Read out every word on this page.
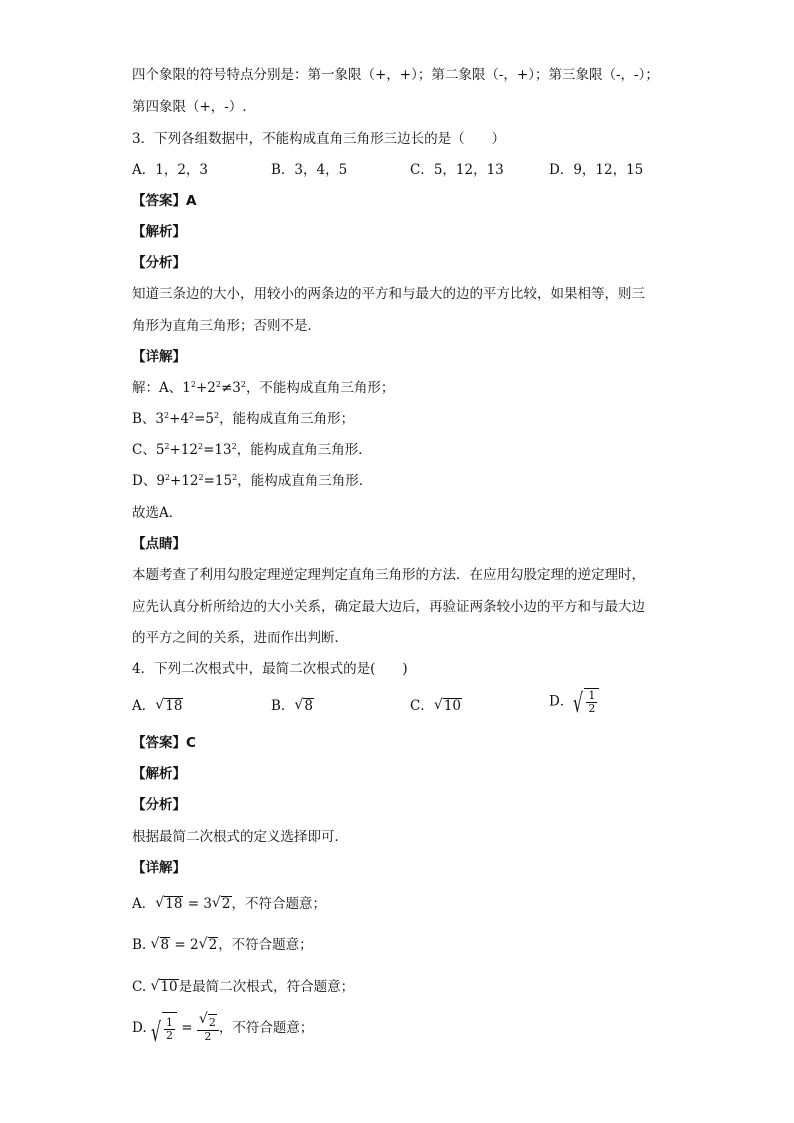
四个象限的符号特点分别是：第一象限（+，+）；第二象限（-，+）；第三象限（-，-）；
第四象限（+，-）.
3．下列各组数据中，不能构成直角三角形三边长的是（　　）
A．1，2，3	B．3，4，5	C．5，12，13	D．9，12，15
【答案】A
【解析】
【分析】
知道三条边的大小，用较小的两条边的平方和与最大的边的平方比较，如果相等，则三
角形为直角三角形；否则不是．
【详解】
解：A、$1^2+2^2\ne 3^2$，不能构成直角三角形；
B、$3^2+4^2=5^2$，能构成直角三角形；
C、$5^2+12^2=13^2$，能构成直角三角形．
D、$9^2+12^2=15^2$，能构成直角三角形．
故选A．
【点睛】
本题考查了利用勾股定理逆定理判定直角三角形的方法．在应用勾股定理的逆定理时，
应先认真分析所给边的大小关系，确定最大边后，再验证两条较小边的平方和与最大边
的平方之间的关系，进而作出判断．
4．下列二次根式中，最简二次根式的是(　　)
A． √ 18	B． √ 8	C． √ 10	D． √ $\frac{1}{2}$
【答案】C
【解析】
【分析】
根据最简二次根式的定义选择即可．
【详解】
A． √ 18 = 3 √ 2，不符合题意；
B. √ 8 = 2 √ 2，不符合题意；
C. √ 10是最简二次根式，符合题意；
D. √ $\frac{1}{2}$ = √ $\frac{2}{2}$ ，不符合题意；
